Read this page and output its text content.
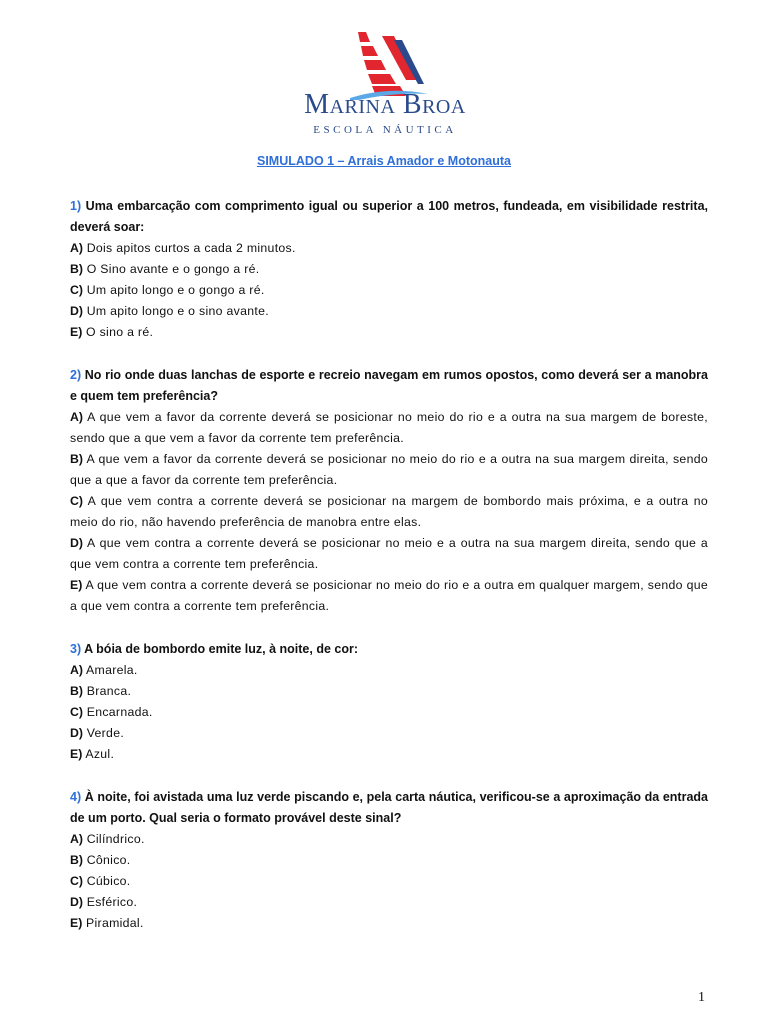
Marina Broa
ESCOLA NÁUTICA
SIMULADO 1 – Arrais Amador e Motonauta

1) Uma embarcação com comprimento igual ou superior a 100 metros, fundeada, em visibilidade restrita, deverá soar:

A) Dois apitos curtos a cada 2 minutos.

B) O Sino avante e o gongo a ré.

C) Um apito longo e o gongo a ré.

D) Um apito longo e o sino avante.

E) O sino a ré.

2) No rio onde duas lanchas de esporte e recreio navegam em rumos opostos, como deverá ser a manobra e quem tem preferência?

A) A que vem a favor da corrente deverá se posicionar no meio do rio e a outra na sua margem de boreste, sendo que a que vem a favor da corrente tem preferência.

B) A que vem a favor da corrente deverá se posicionar no meio do rio e a outra na sua margem direita, sendo que a que a favor da corrente tem preferência.

C) A que vem contra a corrente deverá se posicionar na margem de bombordo mais próxima, e a outra no meio do rio, não havendo preferência de manobra entre elas.

D) A que vem contra a corrente deverá se posicionar no meio e a outra na sua margem direita, sendo que a que vem contra a corrente tem preferência.

E) A que vem contra a corrente deverá se posicionar no meio do rio e a outra em qualquer margem, sendo que a que vem contra a corrente tem preferência.

3) A bóia de bombordo emite luz, à noite, de cor:

A) Amarela.

B) Branca.

C) Encarnada.

D) Verde.

E) Azul.

4) À noite, foi avistada uma luz verde piscando e, pela carta náutica, verificou-se a aproximação da entrada de um porto. Qual seria o formato provável deste sinal?

A) Cilíndrico.

B) Cônico.

C) Cúbico.

D) Esférico.

E) Piramidal.

1
